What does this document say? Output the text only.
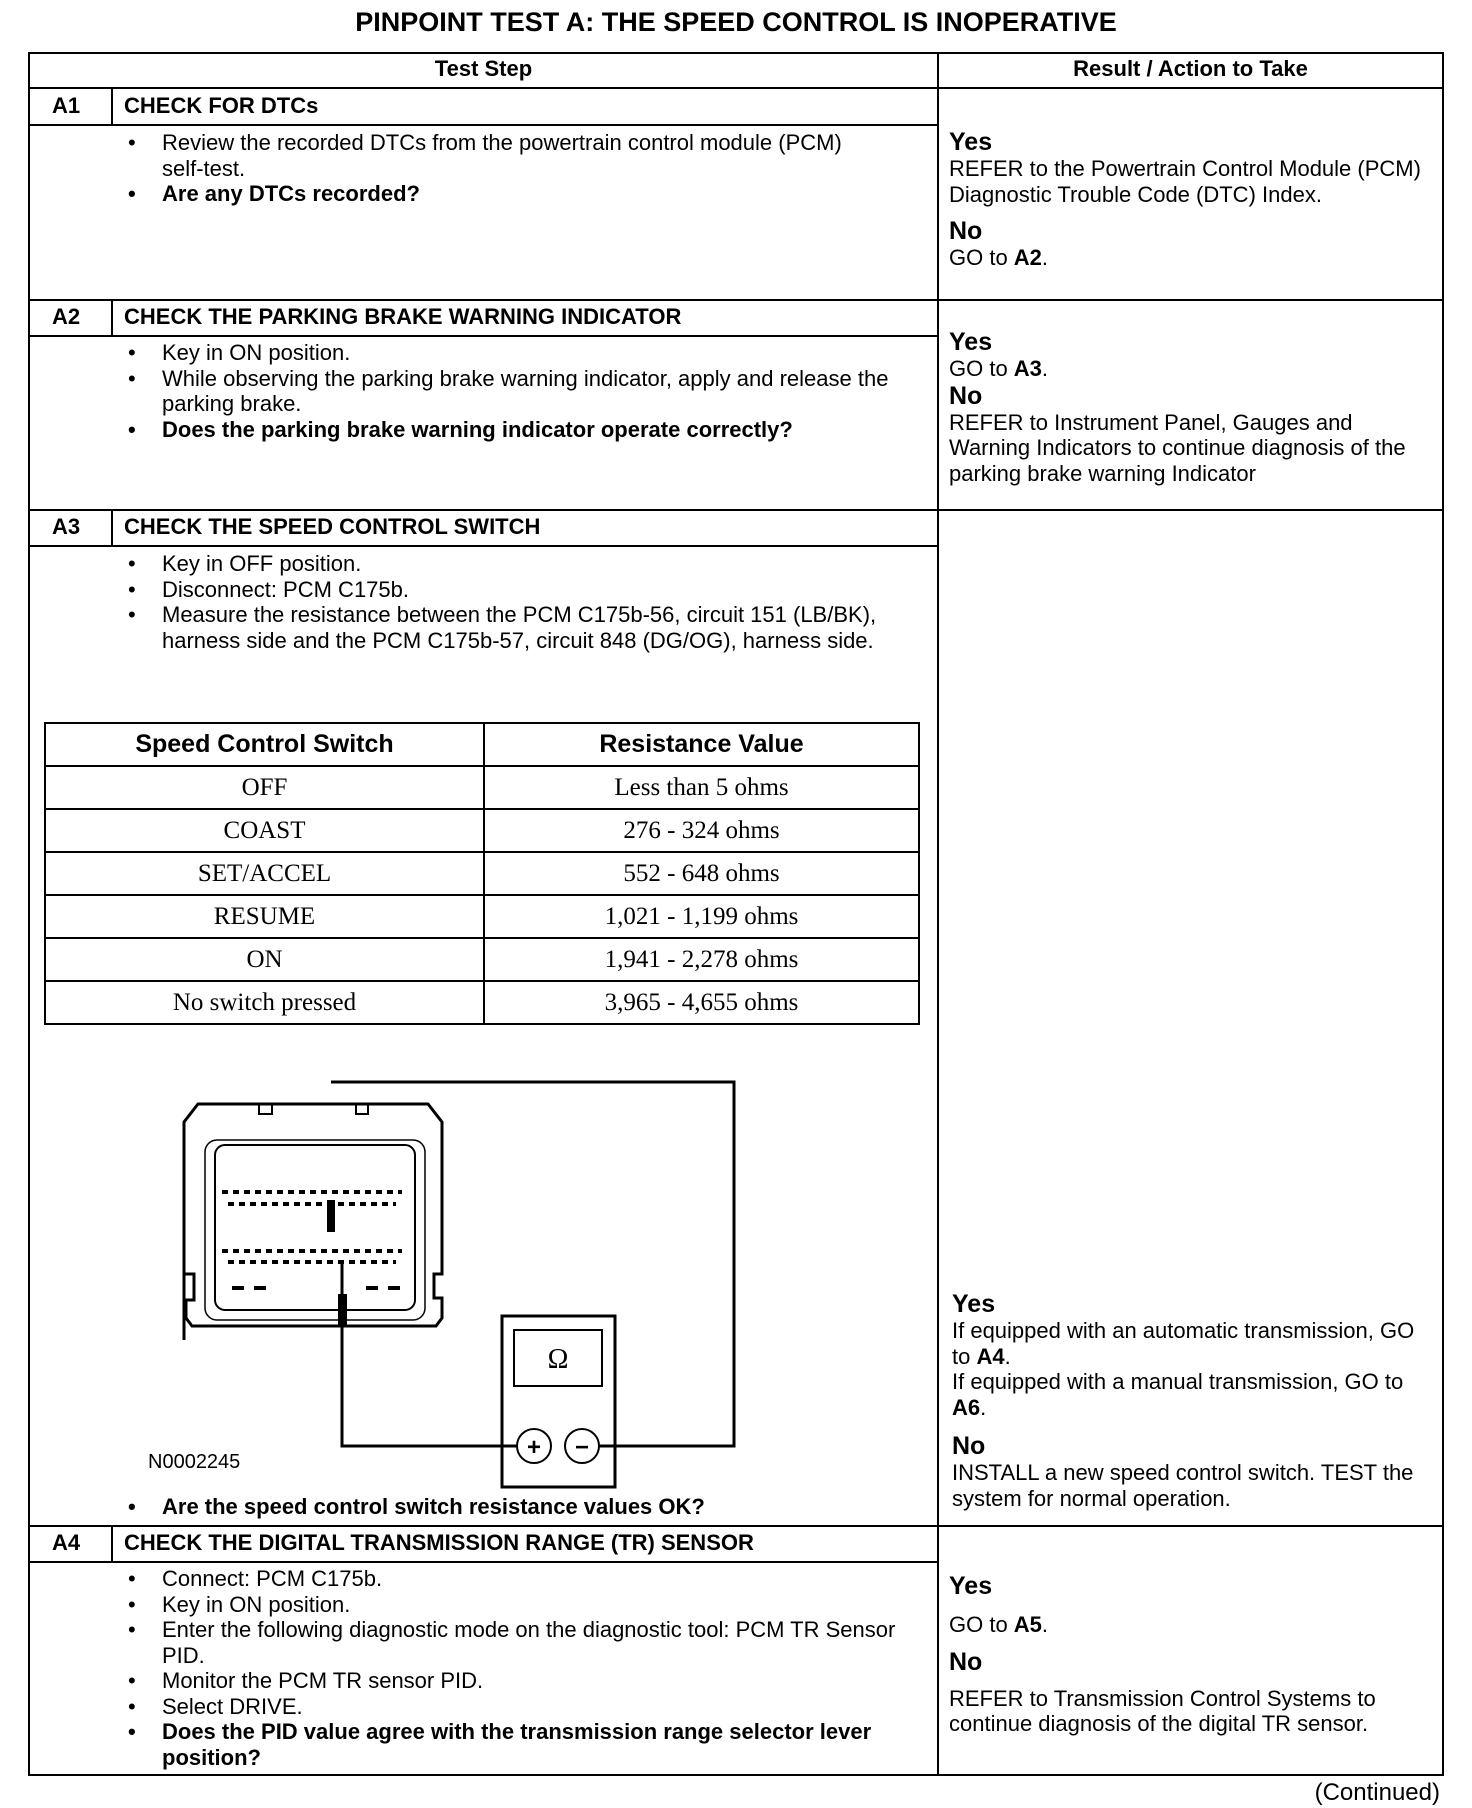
PINPOINT TEST A: THE SPEED CONTROL IS INOPERATIVE
Test Step	Result / Action to Take
A1 CHECK FOR DTCs
• Review the recorded DTCs from the powertrain control module (PCM) self-test.
• Are any DTCs recorded?
Yes
REFER to the Powertrain Control Module (PCM) Diagnostic Trouble Code (DTC) Index.
No
GO to A2.
A2 CHECK THE PARKING BRAKE WARNING INDICATOR
• Key in ON position.
• While observing the parking brake warning indicator, apply and release the parking brake.
• Does the parking brake warning indicator operate correctly?
Yes
GO to A3.
No
REFER to Instrument Panel, Gauges and Warning Indicators to continue diagnosis of the parking brake warning Indicator
A3 CHECK THE SPEED CONTROL SWITCH
• Key in OFF position.
• Disconnect: PCM C175b.
• Measure the resistance between the PCM C175b-56, circuit 151 (LB/BK), harness side and the PCM C175b-57, circuit 848 (DG/OG), harness side.
Speed Control Switch	Resistance Value
OFF	Less than 5 ohms
COAST	276 - 324 ohms
SET/ACCEL	552 - 648 ohms
RESUME	1,021 - 1,199 ohms
ON	1,941 - 2,278 ohms
No switch pressed	3,965 - 4,655 ohms
Ω
+ −
N0002245
• Are the speed control switch resistance values OK?
Yes
If equipped with an automatic transmission, GO to A4.
If equipped with a manual transmission, GO to A6.
No
INSTALL a new speed control switch. TEST the system for normal operation.
A4 CHECK THE DIGITAL TRANSMISSION RANGE (TR) SENSOR
• Connect: PCM C175b.
• Key in ON position.
• Enter the following diagnostic mode on the diagnostic tool: PCM TR Sensor PID.
• Monitor the PCM TR sensor PID.
• Select DRIVE.
• Does the PID value agree with the transmission range selector lever position?
Yes
GO to A5.
No
REFER to Transmission Control Systems to continue diagnosis of the digital TR sensor.
(Continued)
